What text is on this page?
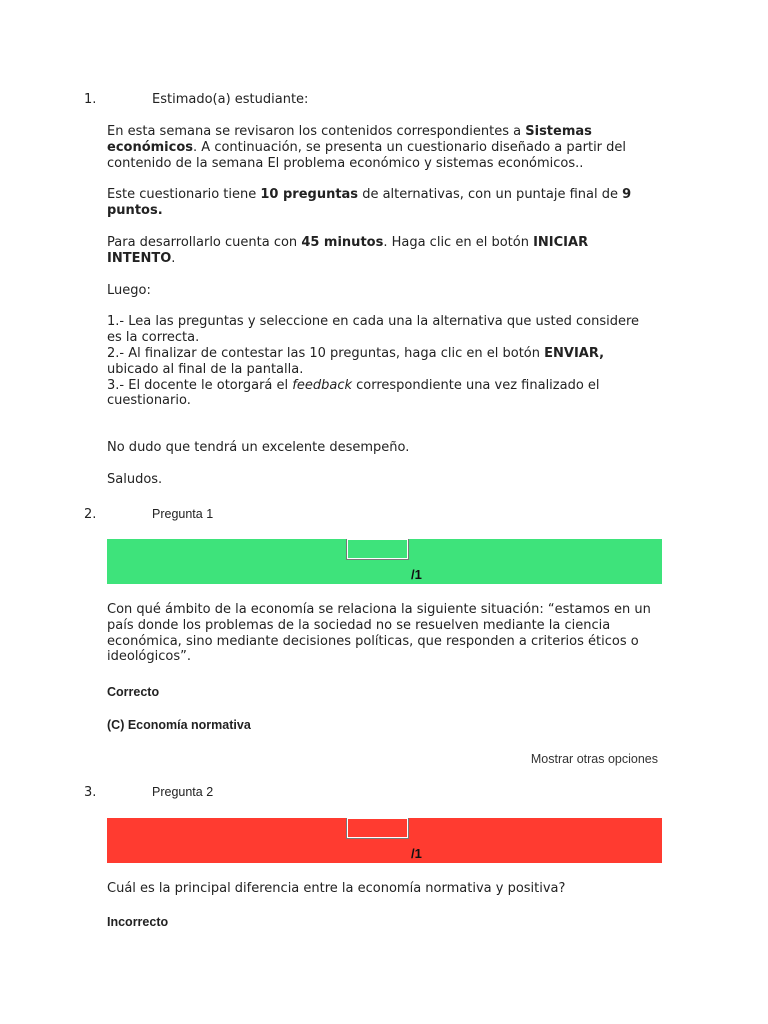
1.	Estimado(a) estudiante:

En esta semana se revisaron los contenidos correspondientes a Sistemas económicos. A continuación, se presenta un cuestionario diseñado a partir del contenido de la semana El problema económico y sistemas económicos..

Este cuestionario tiene 10 preguntas de alternativas, con un puntaje final de 9 puntos.

Para desarrollarlo cuenta con 45 minutos. Haga clic en el botón INICIAR INTENTO.

Luego:

1.- Lea las preguntas y seleccione en cada una la alternativa que usted considere es la correcta.

2.- Al finalizar de contestar las 10 preguntas, haga clic en el botón ENVIAR, ubicado al final de la pantalla.

3.- El docente le otorgará el feedback correspondiente una vez finalizado el cuestionario.

No dudo que tendrá un excelente desempeño.

Saludos.

2.	Pregunta 1
/1
Con qué ámbito de la economía se relaciona la siguiente situación: “estamos en un país donde los problemas de la sociedad no se resuelven mediante la ciencia económica, sino mediante decisiones políticas, que responden a criterios éticos o ideológicos”.
Correcto
(C) Economía normativa
Mostrar otras opciones
3.	Pregunta 2
/1
Cuál es la principal diferencia entre la economía normativa y positiva?
Incorrecto
